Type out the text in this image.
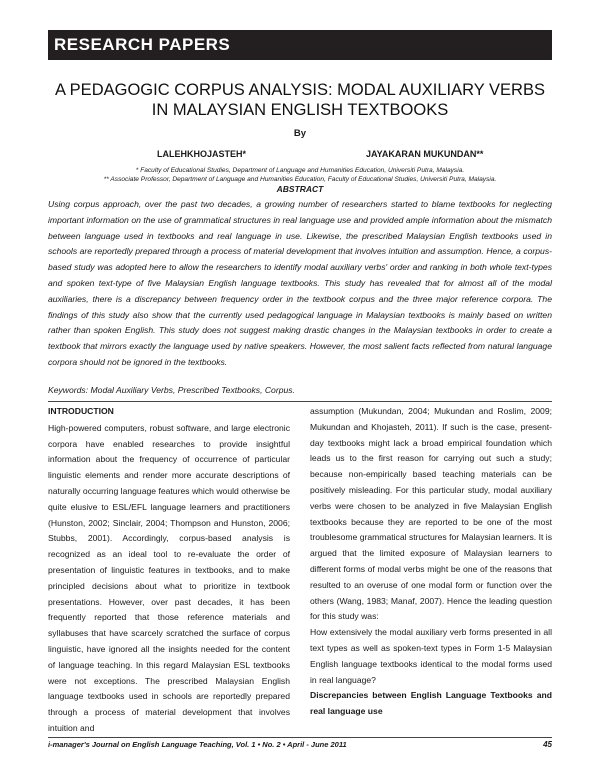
RESEARCH PAPERS
A PEDAGOGIC CORPUS ANALYSIS: MODAL AUXILIARY VERBS
IN MALAYSIAN ENGLISH TEXTBOOKS
By
LALEHKHOJASTEH*	JAYAKARAN MUKUNDAN**
* Faculty of Educational Studies, Department of Language and Humanities Education, Universiti Putra, Malaysia.
** Associate Professor, Department of Language and Humanities Education, Faculty of Educational Studies, Universiti Putra, Malaysia.
ABSTRACT

Using corpus approach, over the past two decades, a growing number of researchers started to blame textbooks for neglecting important information on the use of grammatical structures in real language use and provided ample information about the mismatch between language used in textbooks and real language in use. Likewise, the prescribed Malaysian English textbooks used in schools are reportedly prepared through a process of material development that involves intuition and assumption. Hence, a corpus-based study was adopted here to allow the researchers to identify modal auxiliary verbs' order and ranking in both whole text-types and spoken text-type of five Malaysian English language textbooks. This study has revealed that for almost all of the modal auxiliaries, there is a discrepancy between frequency order in the textbook corpus and the three major reference corpora. The findings of this study also show that the currently used pedagogical language in Malaysian textbooks is mainly based on written rather than spoken English. This study does not suggest making drastic changes in the Malaysian textbooks in order to create a textbook that mirrors exactly the language used by native speakers. However, the most salient facts reflected from natural language corpora should not be ignored in the textbooks.

Keywords: Modal Auxiliary Verbs, Prescribed Textbooks, Corpus.
INTRODUCTION

High-powered computers, robust software, and large electronic corpora have enabled researches to provide insightful information about the frequency of occurrence of particular linguistic elements and render more accurate descriptions of naturally occurring language features which would otherwise be quite elusive to ESL/EFL language learners and practitioners (Hunston, 2002; Sinclair, 2004; Thompson and Hunston, 2006; Stubbs, 2001). Accordingly, corpus-based analysis is recognized as an ideal tool to re-evaluate the order of presentation of linguistic features in textbooks, and to make principled decisions about what to prioritize in textbook presentations. However, over past decades, it has been frequently reported that those reference materials and syllabuses that have scarcely scratched the surface of corpus linguistic, have ignored all the insights needed for the content of language teaching. In this regard Malaysian ESL textbooks were not exceptions. The prescribed Malaysian English language textbooks used in schools are reportedly prepared through a process of material development that involves intuition and

assumption (Mukundan, 2004; Mukundan and Roslim, 2009; Mukundan and Khojasteh, 2011). If such is the case, present-day textbooks might lack a broad empirical foundation which leads us to the first reason for carrying out such a study; because non-empirically based teaching materials can be positively misleading. For this particular study, modal auxiliary verbs were chosen to be analyzed in five Malaysian English textbooks because they are reported to be one of the most troublesome grammatical structures for Malaysian learners. It is argued that the limited exposure of Malaysian learners to different forms of modal verbs might be one of the reasons that resulted to an overuse of one modal form or function over the others (Wang, 1983; Manaf, 2007). Hence the leading question for this study was:

How extensively the modal auxiliary verb forms presented in all text types as well as spoken-text types in Form 1-5 Malaysian English language textbooks identical to the modal forms used in real language?

Discrepancies between English Language Textbooks and real language use

i-manager's Journal on English Language Teaching, Vol. 1 • No. 2 • April - June 2011	45
